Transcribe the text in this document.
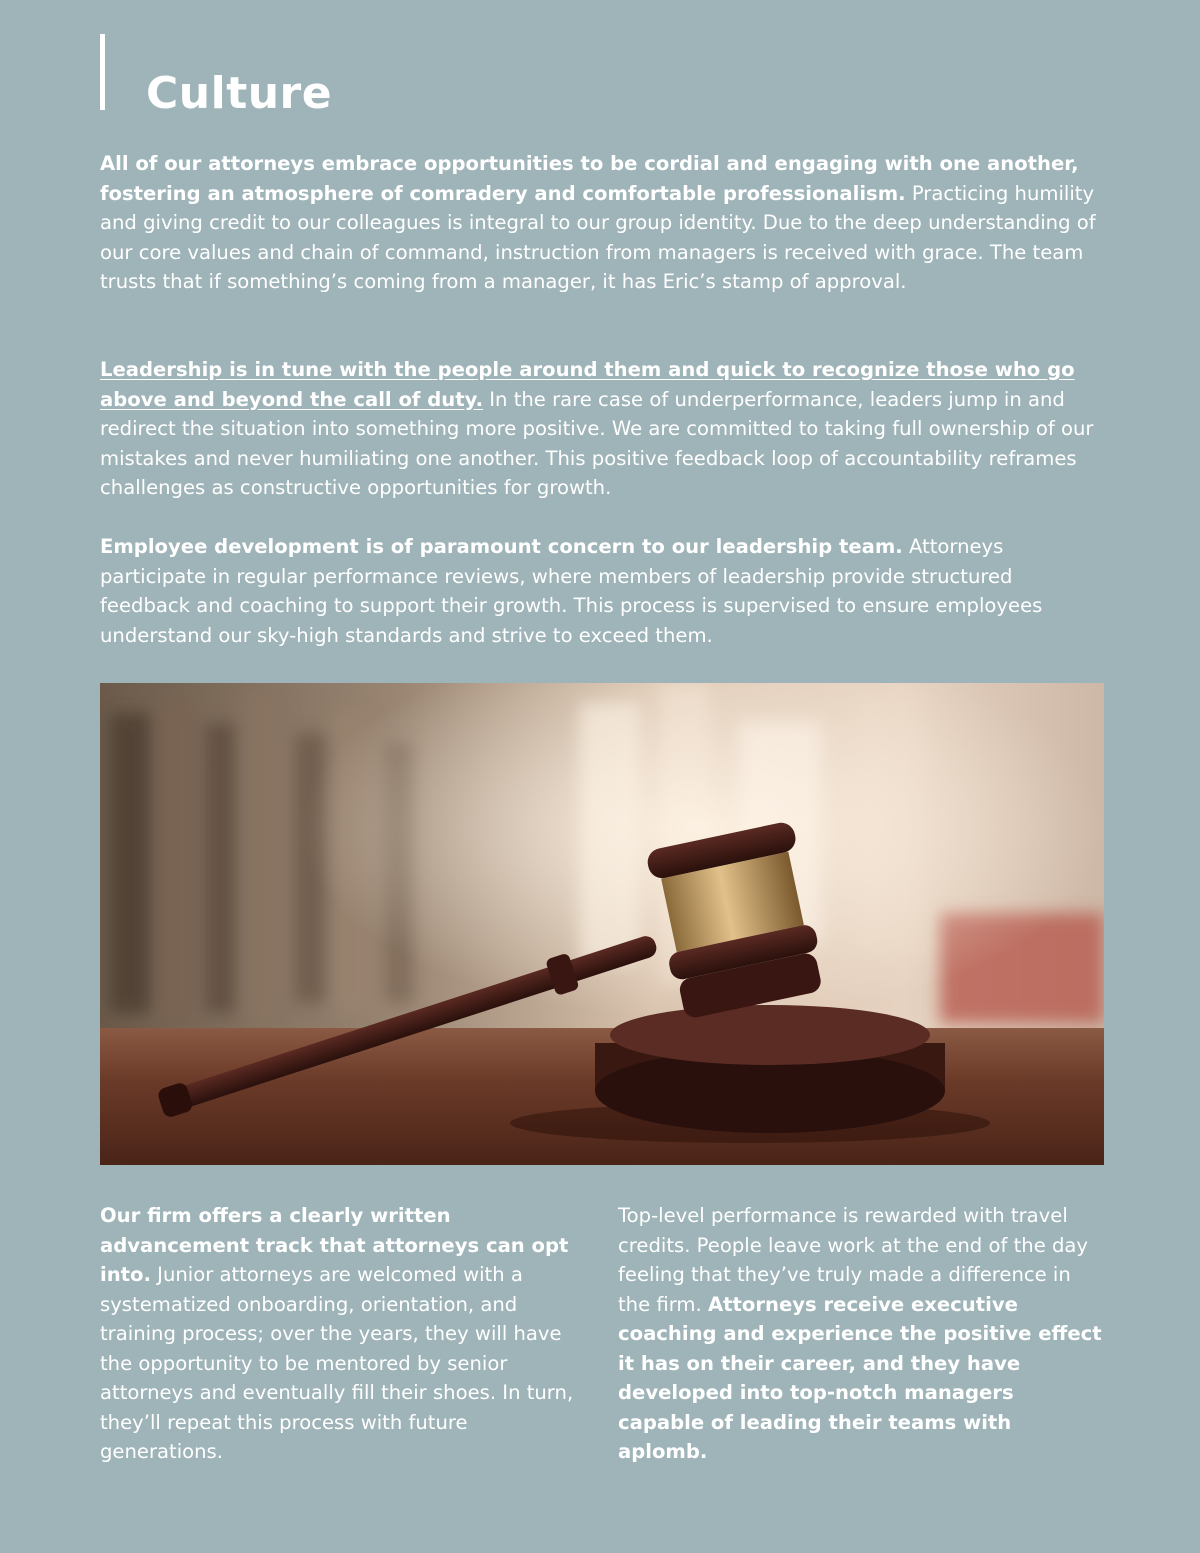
Culture

All of our attorneys embrace opportunities to be cordial and engaging with one another, fostering an atmosphere of comradery and comfortable professionalism. Practicing humility and giving credit to our colleagues is integral to our group identity. Due to the deep understanding of our core values and chain of command, instruction from managers is received with grace. The team trusts that if something’s coming from a manager, it has Eric’s stamp of approval.

Leadership is in tune with the people around them and quick to recognize those who go above and beyond the call of duty. In the rare case of underperformance, leaders jump in and redirect the situation into something more positive. We are committed to taking full ownership of our mistakes and never humiliating one another. This positive feedback loop of accountability reframes challenges as constructive opportunities for growth.

Employee development is of paramount concern to our leadership team. Attorneys participate in regular performance reviews, where members of leadership provide structured feedback and coaching to support their growth. This process is supervised to ensure employees understand our sky-high standards and strive to exceed them.

Our firm offers a clearly written advancement track that attorneys can opt into. Junior attorneys are welcomed with a systematized onboarding, orientation, and training process; over the years, they will have the opportunity to be mentored by senior attorneys and eventually fill their shoes. In turn, they’ll repeat this process with future generations.

Top-level performance is rewarded with travel credits. People leave work at the end of the day feeling that they’ve truly made a difference in the firm. Attorneys receive executive coaching and experience the positive effect it has on their career, and they have developed into top-notch managers capable of leading their teams with aplomb.
